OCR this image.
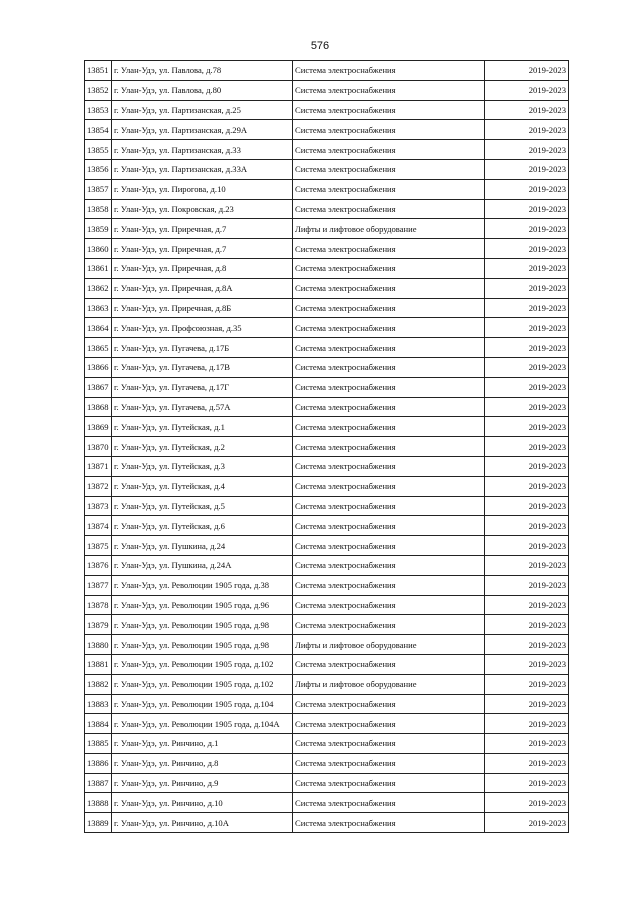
576
13851	г. Улан-Удэ, ул. Павлова, д.78	Система электроснабжения	2019-2023
13852	г. Улан-Удэ, ул. Павлова, д.80	Система электроснабжения	2019-2023
13853	г. Улан-Удэ, ул. Партизанская, д.25	Система электроснабжения	2019-2023
13854	г. Улан-Удэ, ул. Партизанская, д.29А	Система электроснабжения	2019-2023
13855	г. Улан-Удэ, ул. Партизанская, д.33	Система электроснабжения	2019-2023
13856	г. Улан-Удэ, ул. Партизанская, д.33А	Система электроснабжения	2019-2023
13857	г. Улан-Удэ, ул. Пирогова, д.10	Система электроснабжения	2019-2023
13858	г. Улан-Удэ, ул. Покровская, д.23	Система электроснабжения	2019-2023
13859	г. Улан-Удэ, ул. Приречная, д.7	Лифты и лифтовое оборудование	2019-2023
13860	г. Улан-Удэ, ул. Приречная, д.7	Система электроснабжения	2019-2023
13861	г. Улан-Удэ, ул. Приречная, д.8	Система электроснабжения	2019-2023
13862	г. Улан-Удэ, ул. Приречная, д.8А	Система электроснабжения	2019-2023
13863	г. Улан-Удэ, ул. Приречная, д.8Б	Система электроснабжения	2019-2023
13864	г. Улан-Удэ, ул. Профсоюзная, д.35	Система электроснабжения	2019-2023
13865	г. Улан-Удэ, ул. Пугачева, д.17Б	Система электроснабжения	2019-2023
13866	г. Улан-Удэ, ул. Пугачева, д.17В	Система электроснабжения	2019-2023
13867	г. Улан-Удэ, ул. Пугачева, д.17Г	Система электроснабжения	2019-2023
13868	г. Улан-Удэ, ул. Пугачева, д.57А	Система электроснабжения	2019-2023
13869	г. Улан-Удэ, ул. Путейская, д.1	Система электроснабжения	2019-2023
13870	г. Улан-Удэ, ул. Путейская, д.2	Система электроснабжения	2019-2023
13871	г. Улан-Удэ, ул. Путейская, д.3	Система электроснабжения	2019-2023
13872	г. Улан-Удэ, ул. Путейская, д.4	Система электроснабжения	2019-2023
13873	г. Улан-Удэ, ул. Путейская, д.5	Система электроснабжения	2019-2023
13874	г. Улан-Удэ, ул. Путейская, д.6	Система электроснабжения	2019-2023
13875	г. Улан-Удэ, ул. Пушкина, д.24	Система электроснабжения	2019-2023
13876	г. Улан-Удэ, ул. Пушкина, д.24А	Система электроснабжения	2019-2023
13877	г. Улан-Удэ, ул. Революции 1905 года, д.38	Система электроснабжения	2019-2023
13878	г. Улан-Удэ, ул. Революции 1905 года, д.96	Система электроснабжения	2019-2023
13879	г. Улан-Удэ, ул. Революции 1905 года, д.98	Система электроснабжения	2019-2023
13880	г. Улан-Удэ, ул. Революции 1905 года, д.98	Лифты и лифтовое оборудование	2019-2023
13881	г. Улан-Удэ, ул. Революции 1905 года, д.102	Система электроснабжения	2019-2023
13882	г. Улан-Удэ, ул. Революции 1905 года, д.102	Лифты и лифтовое оборудование	2019-2023
13883	г. Улан-Удэ, ул. Революции 1905 года, д.104	Система электроснабжения	2019-2023
13884	г. Улан-Удэ, ул. Революции 1905 года, д.104А	Система электроснабжения	2019-2023
13885	г. Улан-Удэ, ул. Ринчино, д.1	Система электроснабжения	2019-2023
13886	г. Улан-Удэ, ул. Ринчино, д.8	Система электроснабжения	2019-2023
13887	г. Улан-Удэ, ул. Ринчино, д.9	Система электроснабжения	2019-2023
13888	г. Улан-Удэ, ул. Ринчино, д.10	Система электроснабжения	2019-2023
13889	г. Улан-Удэ, ул. Ринчино, д.10А	Система электроснабжения	2019-2023
